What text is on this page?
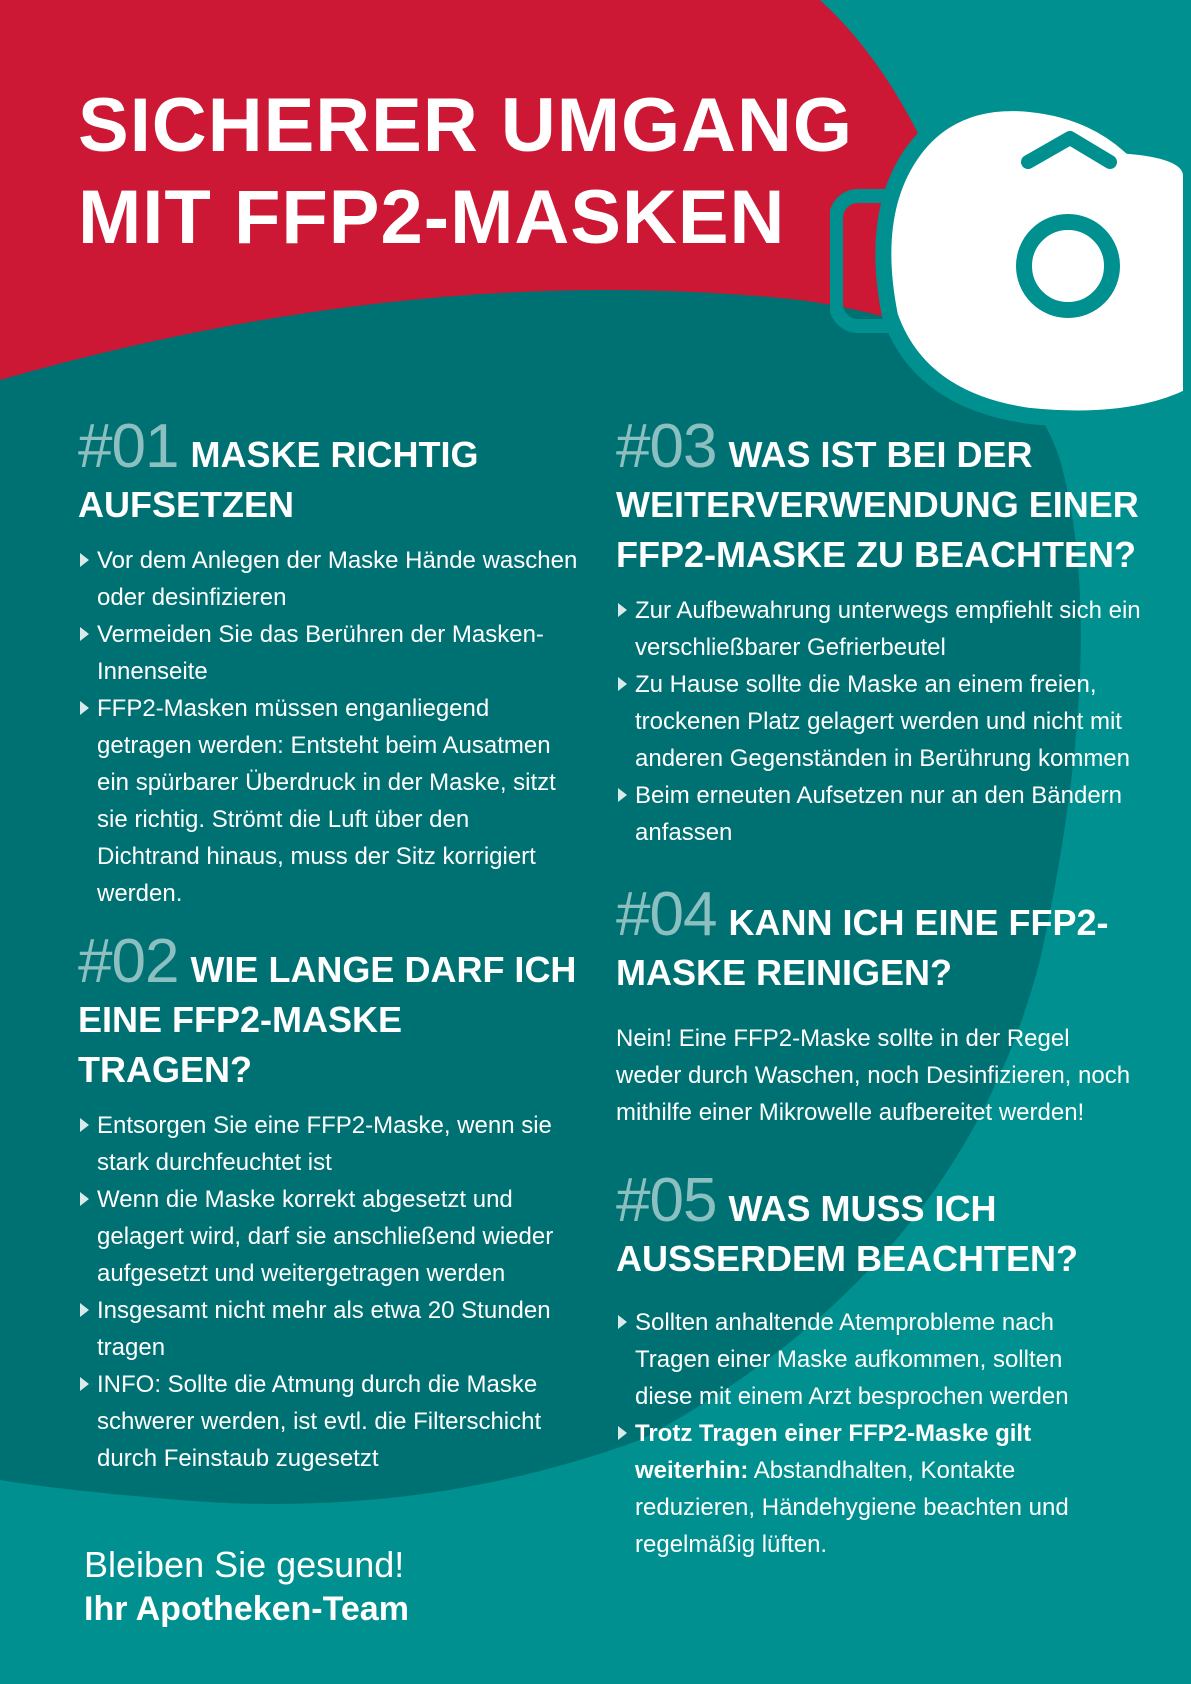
apobrand.de
SICHERER UMGANG
MIT FFP2-MASKEN
#01 MASKE RICHTIG AUFSETZEN
Vor dem Anlegen der Maske Hände waschen oder desinfizieren
Vermeiden Sie das Berühren der Masken-Innenseite
FFP2-Masken müssen enganliegend getragen werden: Entsteht beim Ausatmen ein spürbarer Überdruck in der Maske, sitzt sie richtig. Strömt die Luft über den Dichtrand hinaus, muss der Sitz korrigiert werden.
#02 WIE LANGE DARF ICH EINE FFP2-MASKE TRAGEN?
Entsorgen Sie eine FFP2-Maske, wenn sie stark durchfeuchtet ist
Wenn die Maske korrekt abgesetzt und gelagert wird, darf sie anschließend wieder aufgesetzt und weitergetragen werden
Insgesamt nicht mehr als etwa 20 Stunden tragen
INFO: Sollte die Atmung durch die Maske schwerer werden, ist evtl. die Filterschicht durch Feinstaub zugesetzt
#03 WAS IST BEI DER WEITERVERWENDUNG EINER FFP2-MASKE ZU BEACHTEN?
Zur Aufbewahrung unterwegs empfiehlt sich ein verschließbarer Gefrierbeutel
Zu Hause sollte die Maske an einem freien, trockenen Platz gelagert werden und nicht mit anderen Gegenständen in Berührung kommen
Beim erneuten Aufsetzen nur an den Bändern anfassen
#04 KANN ICH EINE FFP2-MASKE REINIGEN?

Nein! Eine FFP2-Maske sollte in der Regel weder durch Waschen, noch Desinfizieren, noch mithilfe einer Mikrowelle aufbereitet werden!

#05 WAS MUSS ICH AUSSERDEM BEACHTEN?
Sollten anhaltende Atemprobleme nach Tragen einer Maske aufkommen, sollten diese mit einem Arzt besprochen werden
Trotz Tragen einer FFP2-Maske gilt weiterhin: Abstandhalten, Kontakte reduzieren, Händehygiene beachten und regelmäßig lüften.
Bleiben Sie gesund!
Ihr Apotheken-Team
